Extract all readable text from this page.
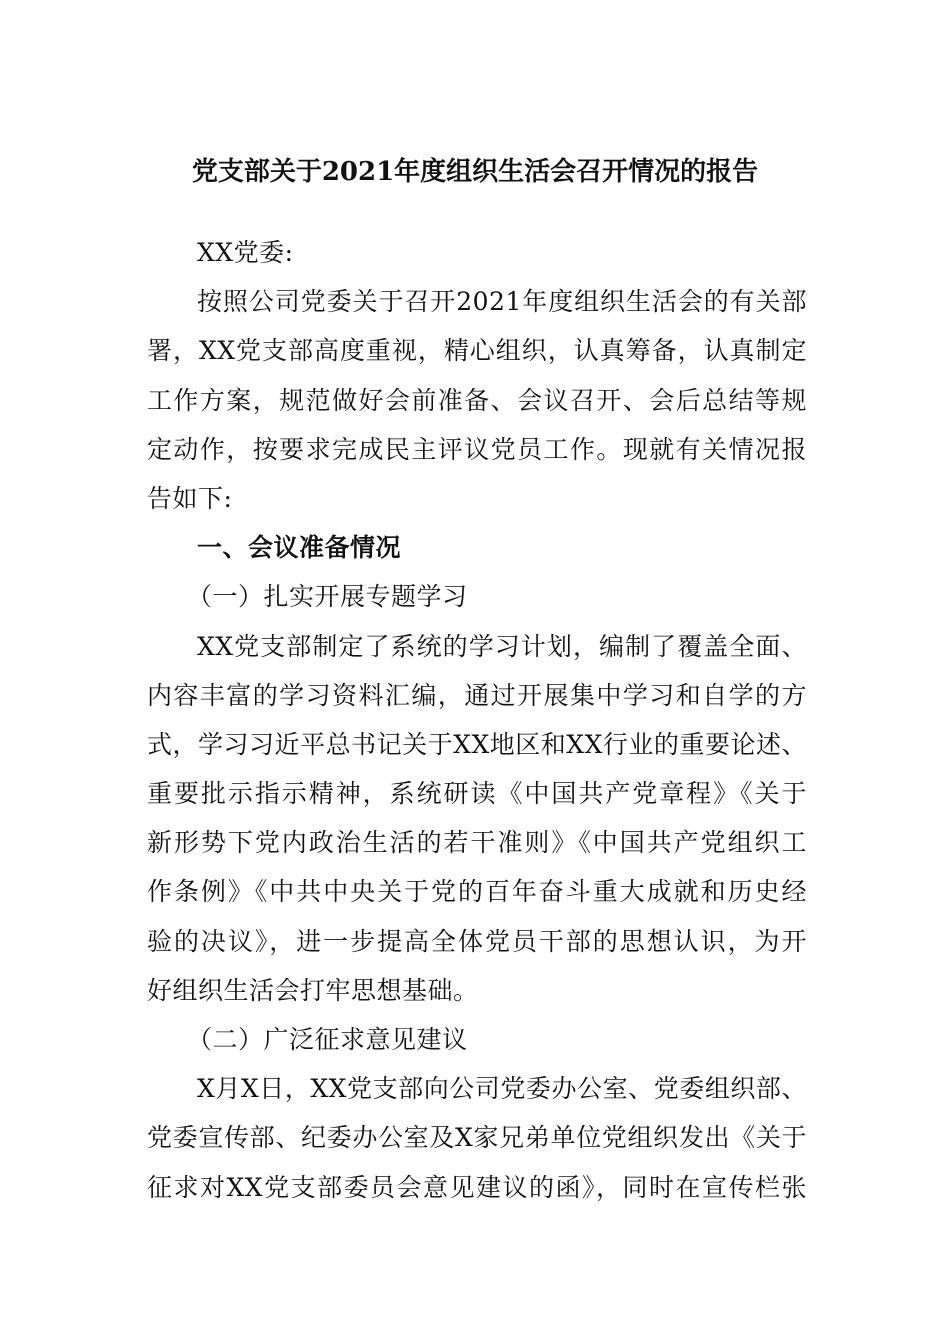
党支部关于2021年度组织生活会召开情况的报告
XX党委:
按照公司党委关于召开2021年度组织生活会的有关部
署，XX党支部高度重视，精心组织，认真筹备，认真制定
工作方案，规范做好会前准备、会议召开、会后总结等规
定动作，按要求完成民主评议党员工作。现就有关情况报
告如下:
一、会议准备情况
（一）扎实开展专题学习
XX党支部制定了系统的学习计划，编制了覆盖全面、
内容丰富的学习资料汇编，通过开展集中学习和自学的方
式，学习习近平总书记关于XX地区和XX行业的重要论述、
重要批示指示精神，系统研读《中国共产党章程》《关于
新形势下党内政治生活的若干准则》《中国共产党组织工
作条例》《中共中央关于党的百年奋斗重大成就和历史经
验的决议》，进一步提高全体党员干部的思想认识，为开
好组织生活会打牢思想基础。
（二）广泛征求意见建议
X月X日，XX党支部向公司党委办公室、党委组织部、
党委宣传部、纪委办公室及X家兄弟单位党组织发出《关于
征求对XX党支部委员会意见建议的函》，同时在宣传栏张
